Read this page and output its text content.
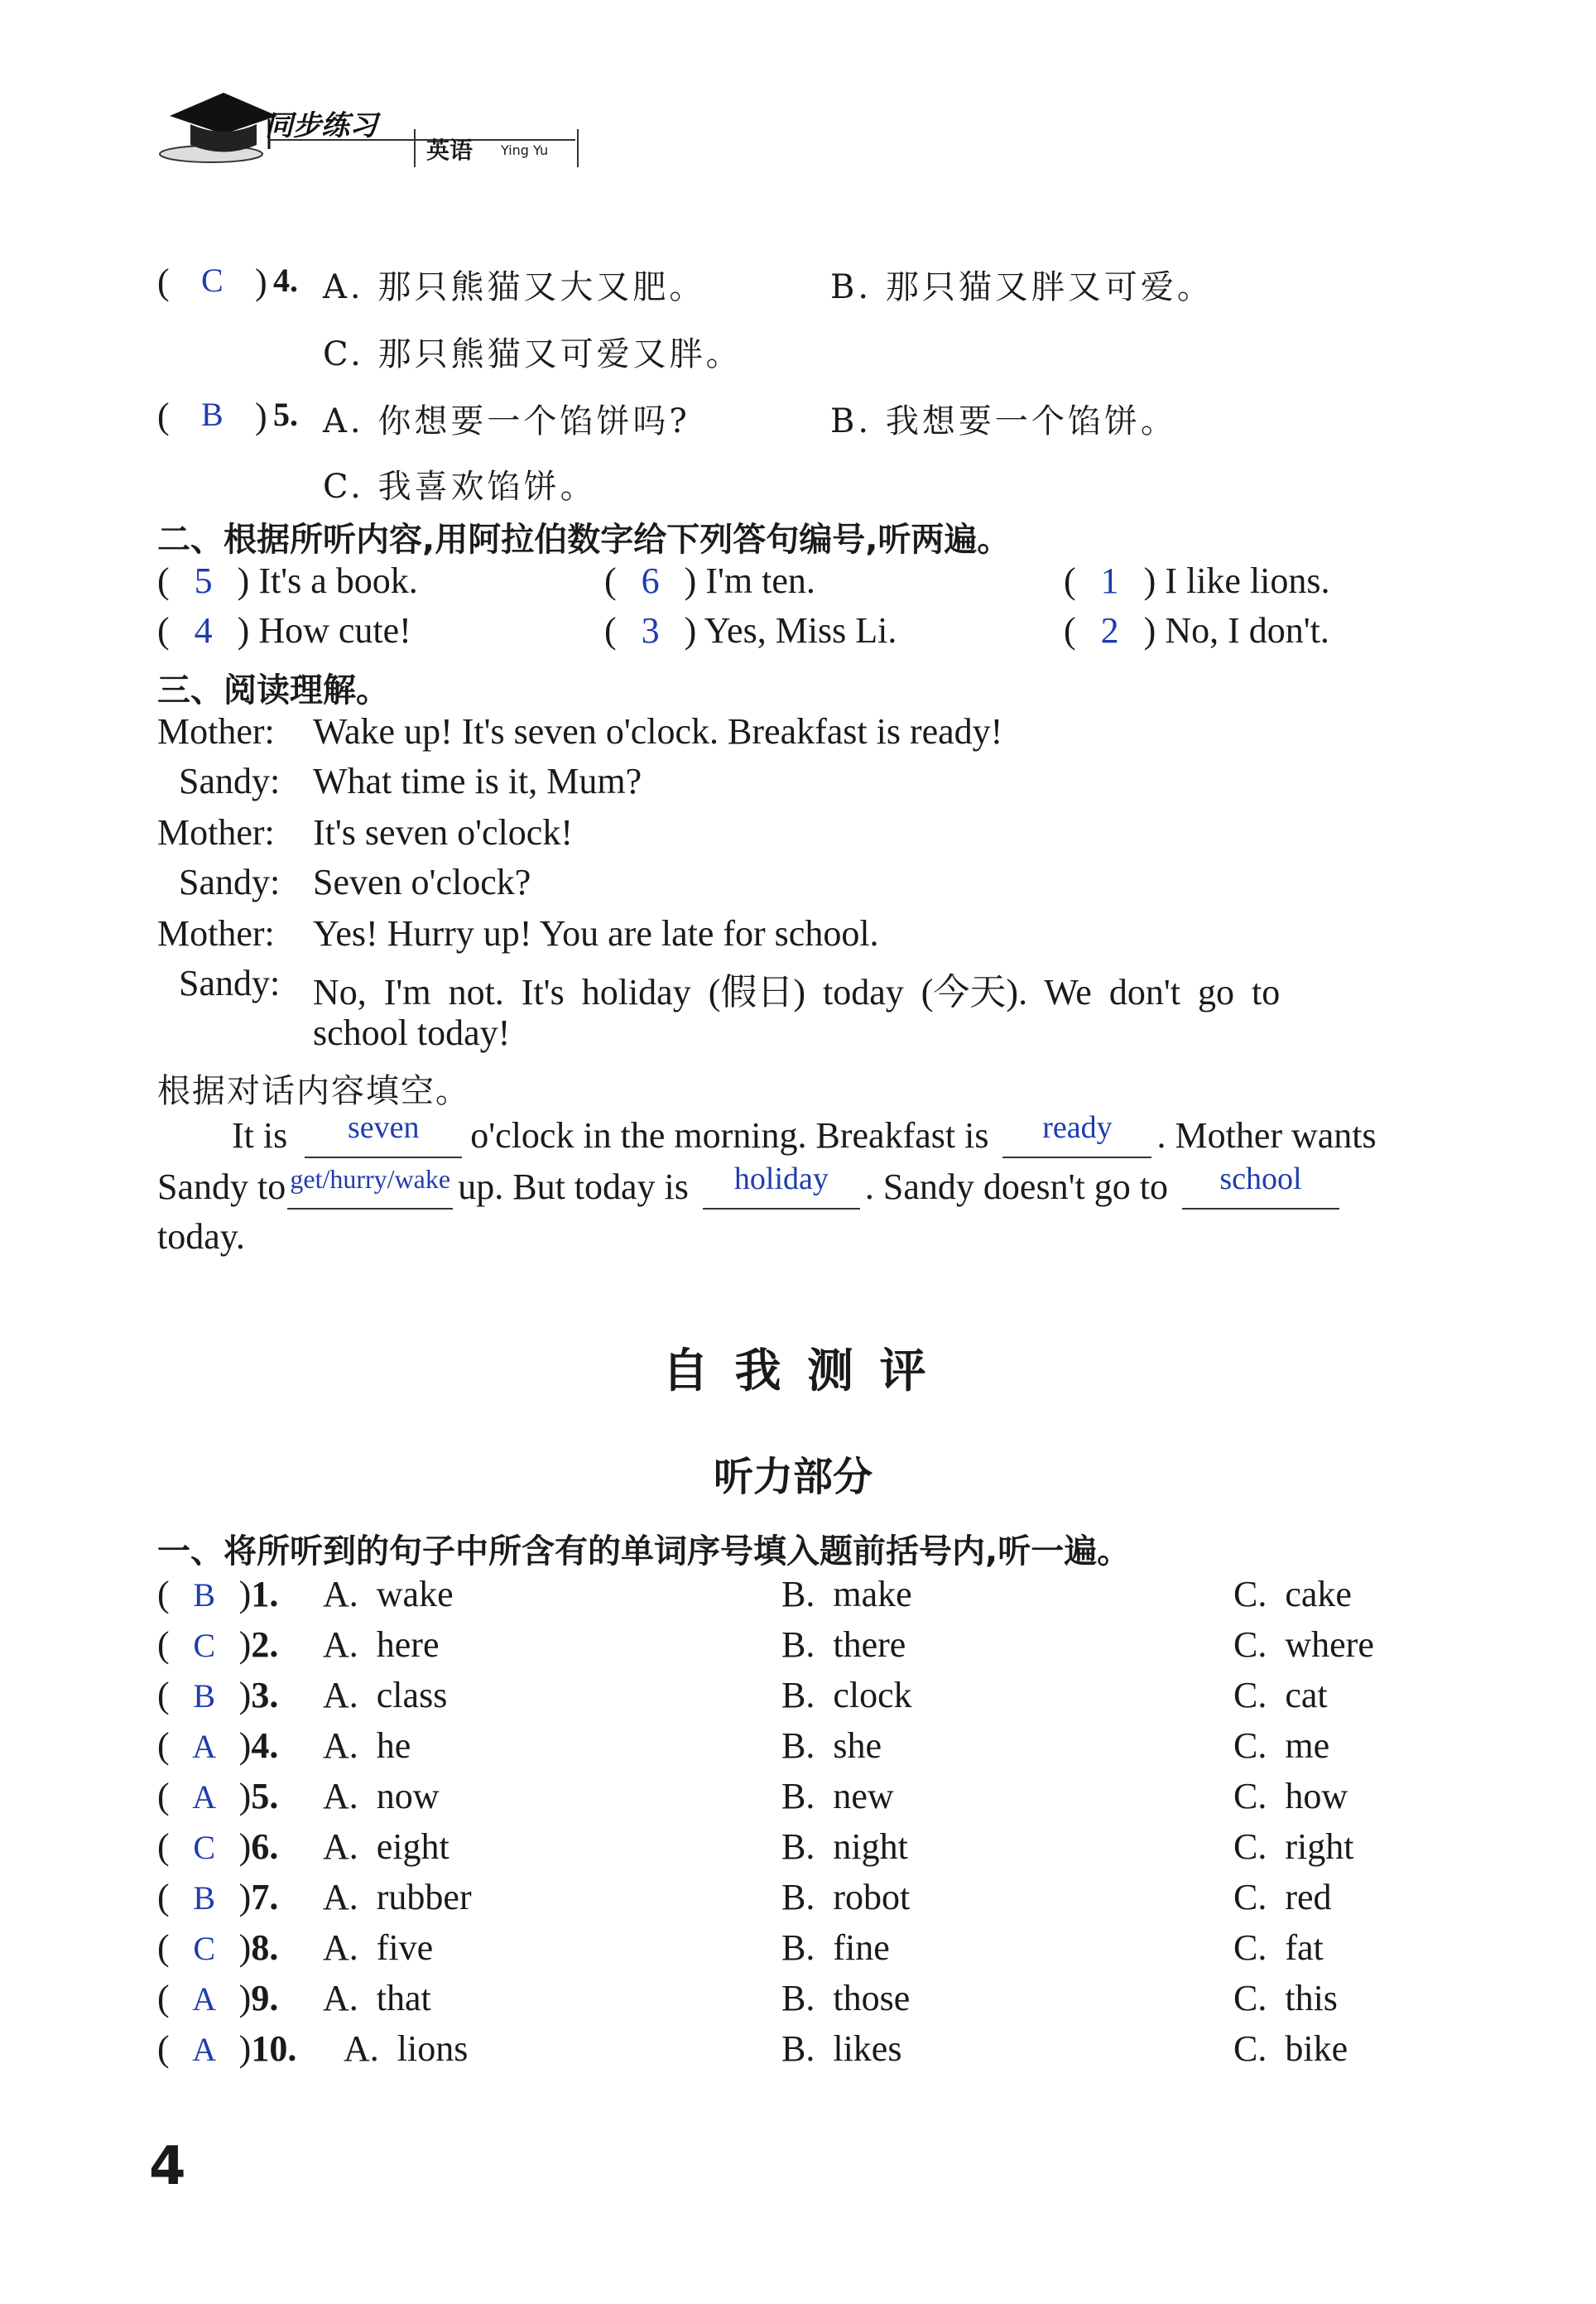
同步练习
英语 Ying Yu
( C ) 4. A. 那只熊猫又大又肥。	B. 那只猫又胖又可爱。
C. 那只熊猫又可爱又胖。
( B ) 5. A. 你想要一个馅饼吗?	B. 我想要一个馅饼。
C. 我喜欢馅饼。
二、根据所听内容,用阿拉伯数字给下列答句编号,听两遍。
( 5 ) It's a book.	( 6 ) I'm ten.	( 1 ) I like lions.
( 4 ) How cute!	( 3 ) Yes, Miss Li.	( 2 ) No, I don't.
三、阅读理解。
Mother: Wake up! It's seven o'clock. Breakfast is ready!
Sandy: What time is it, Mum?
Mother: It's seven o'clock!
Sandy: Seven o'clock?
Mother: Yes! Hurry up! You are late for school.
Sandy: No, I'm not. It's holiday (假日) today (今天). We don't go to
school today!
根据对话内容填空。
It is	seven	o'clock in the morning. Breakfast is	ready	. Mother wants
Sandy to get/hurry/wake up. But today is	holiday	. Sandy doesn't go to	school
today.
自 我 测 评
听力部分
一、将所听到的句子中所含有的单词序号填入题前括号内,听一遍。
( B )1. A.  wake	B.  make	C.  cake
( C )2. A.  here	B.  there	C.  where
( B )3. A.  class	B.  clock	C.  cat
( A )4. A.  he	B.  she	C.  me
( A )5. A.  now	B.  new	C.  how
( C )6. A.  eight	B.  night	C.  right
( B )7. A.  rubber	B.  robot	C.  red
( C )8. A.  five	B.  fine	C.  fat
( A )9. A.  that	B.  those	C.  this
( A )10. A.  lions	B.  likes	C.  bike
4
